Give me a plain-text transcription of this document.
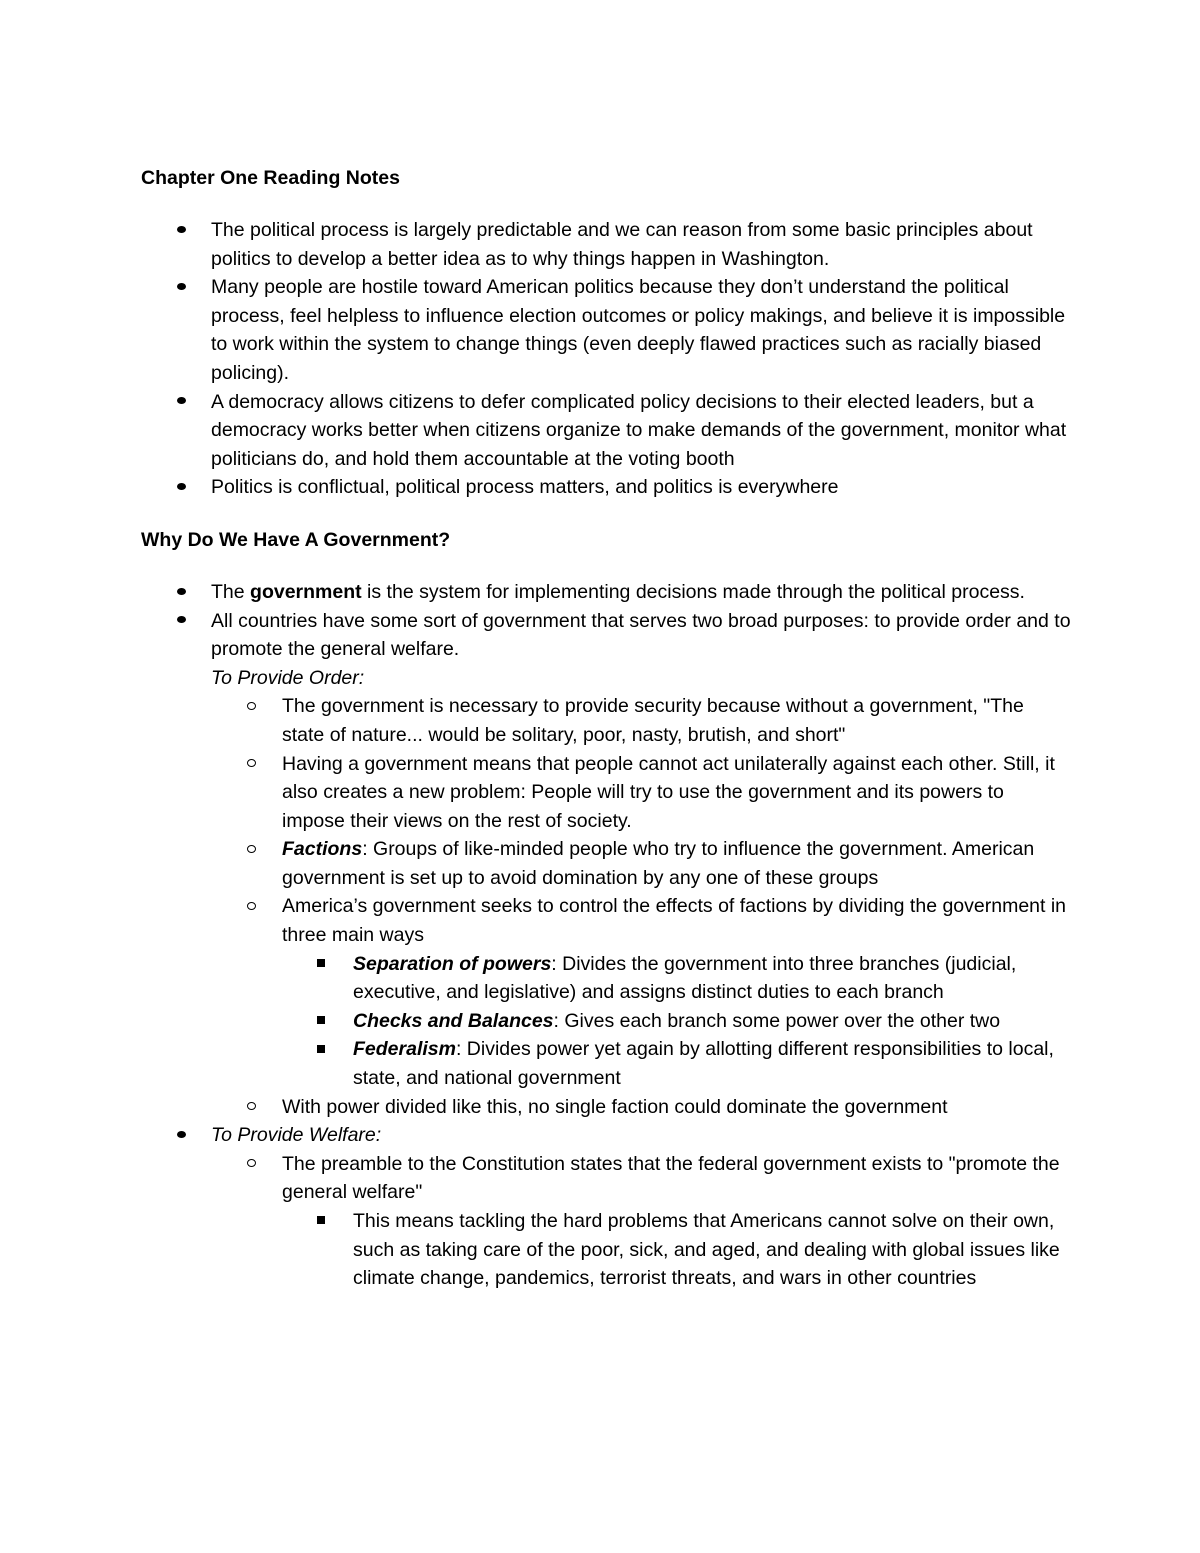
Chapter One Reading Notes
The political process is largely predictable and we can reason from some basic principles about politics to develop a better idea as to why things happen in Washington.
Many people are hostile toward American politics because they don’t understand the political process, feel helpless to influence election outcomes or policy makings, and believe it is impossible to work within the system to change things (even deeply flawed practices such as racially biased policing).
A democracy allows citizens to defer complicated policy decisions to their elected leaders, but a democracy works better when citizens organize to make demands of the government, monitor what politicians do, and hold them accountable at the voting booth
Politics is conflictual, political process matters, and politics is everywhere
Why Do We Have A Government?
The government is the system for implementing decisions made through the political process.
All countries have some sort of government that serves two broad purposes: to provide order and to promote the general welfare.
To Provide Order:
The government is necessary to provide security because without a government, "The state of nature... would be solitary, poor, nasty, brutish, and short"
Having a government means that people cannot act unilaterally against each other. Still, it also creates a new problem: People will try to use the government and its powers to impose their views on the rest of society.
Factions: Groups of like-minded people who try to influence the government. American government is set up to avoid domination by any one of these groups
America’s government seeks to control the effects of factions by dividing the government in three main ways
Separation of powers: Divides the government into three branches (judicial, executive, and legislative) and assigns distinct duties to each branch
Checks and Balances: Gives each branch some power over the other two
Federalism: Divides power yet again by allotting different responsibilities to local, state, and national government
With power divided like this, no single faction could dominate the government
To Provide Welfare:
The preamble to the Constitution states that the federal government exists to "promote the general welfare"
This means tackling the hard problems that Americans cannot solve on their own, such as taking care of the poor, sick, and aged, and dealing with global issues like climate change, pandemics, terrorist threats, and wars in other countries
